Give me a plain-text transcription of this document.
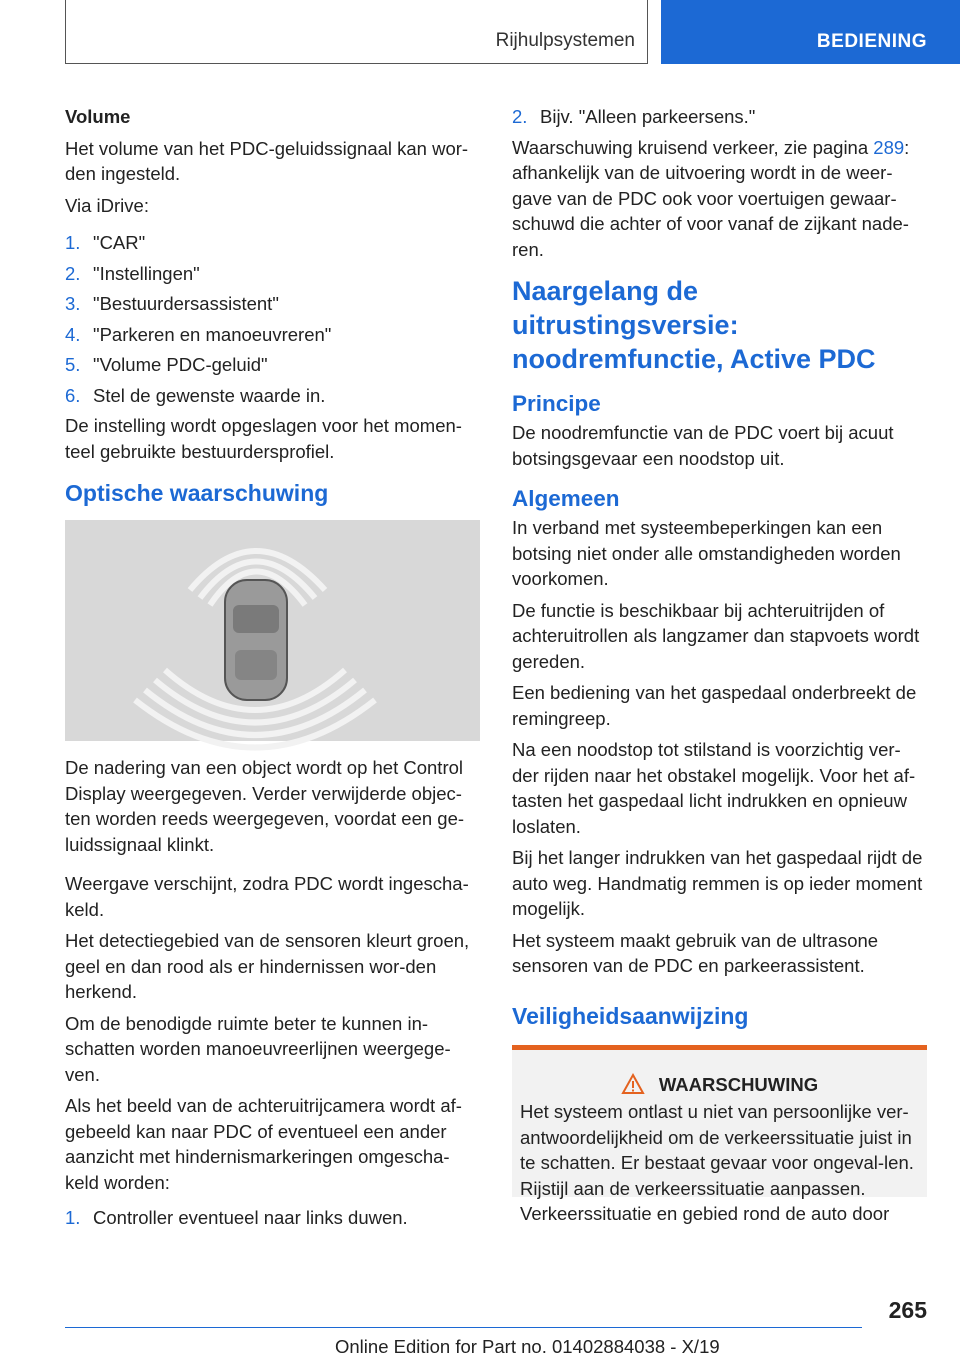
Rijhulpsystemen	BEDIENING

Volume

Het volume van het PDC-geluidssignaal kan wor-den ingesteld.

Via iDrive:

1. "CAR"
2. "Instellingen"
3. "Bestuurdersassistent"
4. "Parkeren en manoeuvreren"
5. "Volume PDC-geluid"
6. Stel de gewenste waarde in.

De instelling wordt opgeslagen voor het momen-teel gebruikte bestuurdersprofiel.

Optische waarschuwing

De nadering van een object wordt op het Control Display weergegeven. Verder verwijderde objec-ten worden reeds weergegeven, voordat een ge-luidssignaal klinkt.

Weergave verschijnt, zodra PDC wordt ingescha-keld.

Het detectiegebied van de sensoren kleurt groen, geel en dan rood als er hindernissen wor-den herkend.

Om de benodigde ruimte beter te kunnen in-schatten worden manoeuvreerlijnen weergege-ven.

Als het beeld van de achteruitrijcamera wordt af-gebeeld kan naar PDC of eventueel een ander aanzicht met hindernismarkeringen omgescha-keld worden:

1. Controller eventueel naar links duwen.
2. Bijv. "Alleen parkeersens."

Waarschuwing kruisend verkeer, zie pagina 289: afhankelijk van de uitvoering wordt in de weer-gave van de PDC ook voor voertuigen gewaar-schuwd die achter of voor vanaf de zijkant nade-ren.

Naargelang de uitrustingsversie: noodremfunctie, Active PDC
Principe

De noodremfunctie van de PDC voert bij acuut botsingsgevaar een noodstop uit.

Algemeen

In verband met systeembeperkingen kan een botsing niet onder alle omstandigheden worden voorkomen.

De functie is beschikbaar bij achteruitrijden of achteruitrollen als langzamer dan stapvoets wordt gereden.

Een bediening van het gaspedaal onderbreekt de remingreep.

Na een noodstop tot stilstand is voorzichtig ver-der rijden naar het obstakel mogelijk. Voor het af-tasten het gaspedaal licht indrukken en opnieuw loslaten.

Bij het langer indrukken van het gaspedaal rijdt de auto weg. Handmatig remmen is op ieder moment mogelijk.

Het systeem maakt gebruik van de ultrasone sensoren van de PDC en parkeerassistent.

Veiligheidsaanwijzing
WAARSCHUWING
Het systeem ontlast u niet van persoonlijke ver-antwoordelijkheid om de verkeerssituatie juist in te schatten. Er bestaat gevaar voor ongeval-len. Rijstijl aan de verkeerssituatie aanpassen. Verkeerssituatie en gebied rond de auto door
265
Online Edition for Part no. 01402884038 - X/19
